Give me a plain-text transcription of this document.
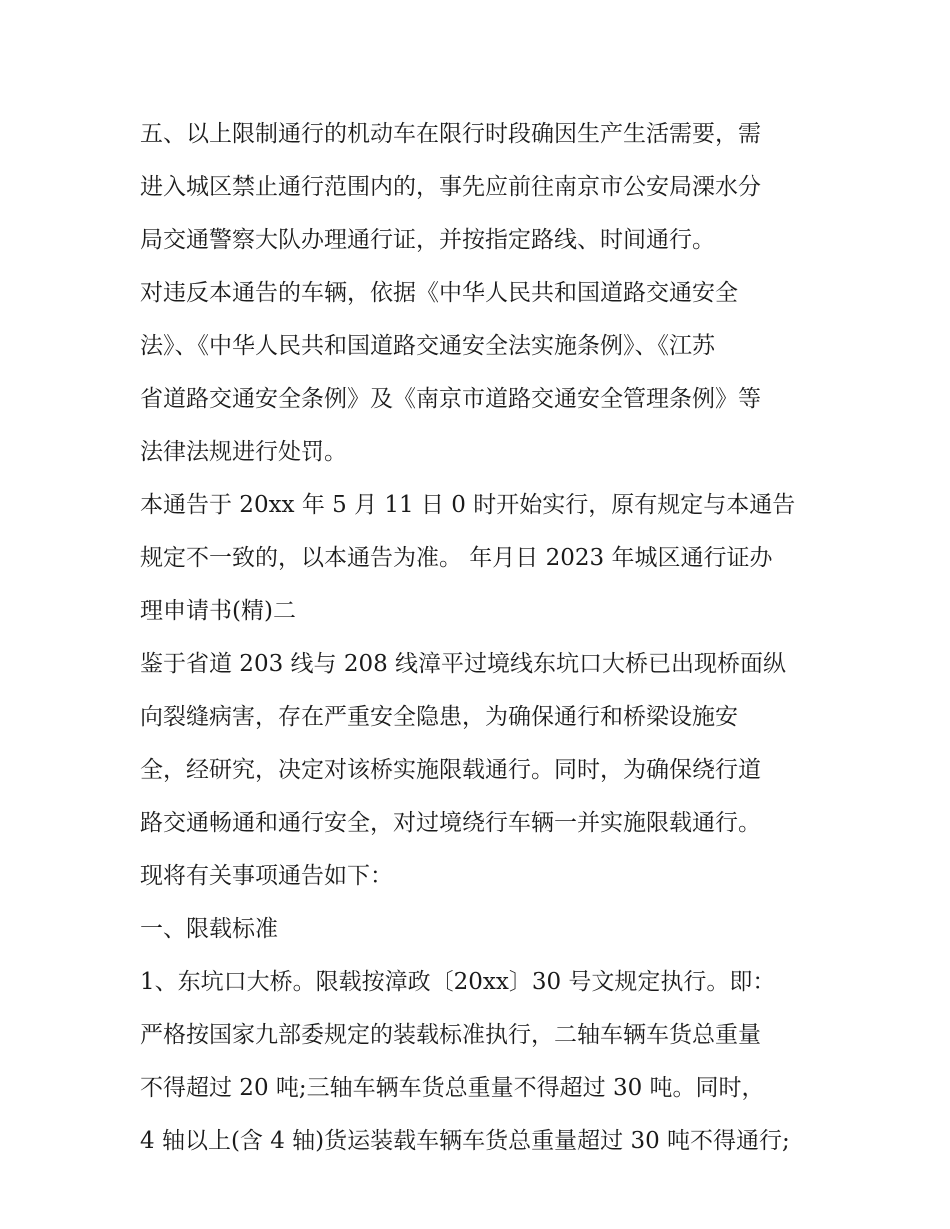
五、以上限制通行的机动车在限行时段确因生产生活需要，需
进入城区禁止通行范围内的，事先应前往南京市公安局溧水分
局交通警察大队办理通行证，并按指定路线、时间通行。
对违反本通告的车辆，依据《中华人民共和国道路交通安全
法》、《中华人民共和国道路交通安全法实施条例》、《江苏
省道路交通安全条例》及《南京市道路交通安全管理条例》等
法律法规进行处罚。
本通告于 20xx 年 5 月 11 日 0 时开始实行，原有规定与本通告
规定不一致的，以本通告为准。 年月日 2023 年城区通行证办
理申请书(精)二
鉴于省道 203 线与 208 线漳平过境线东坑口大桥已出现桥面纵
向裂缝病害，存在严重安全隐患，为确保通行和桥梁设施安
全，经研究，决定对该桥实施限载通行。同时，为确保绕行道
路交通畅通和通行安全，对过境绕行车辆一并实施限载通行。
现将有关事项通告如下：
一、限载标准
1、东坑口大桥。限载按漳政〔20xx〕30 号文规定执行。即：
严格按国家九部委规定的装载标准执行，二轴车辆车货总重量
不得超过 20 吨;三轴车辆车货总重量不得超过 30 吨。同时，
4 轴以上(含 4 轴)货运装载车辆车货总重量超过 30 吨不得通行;
